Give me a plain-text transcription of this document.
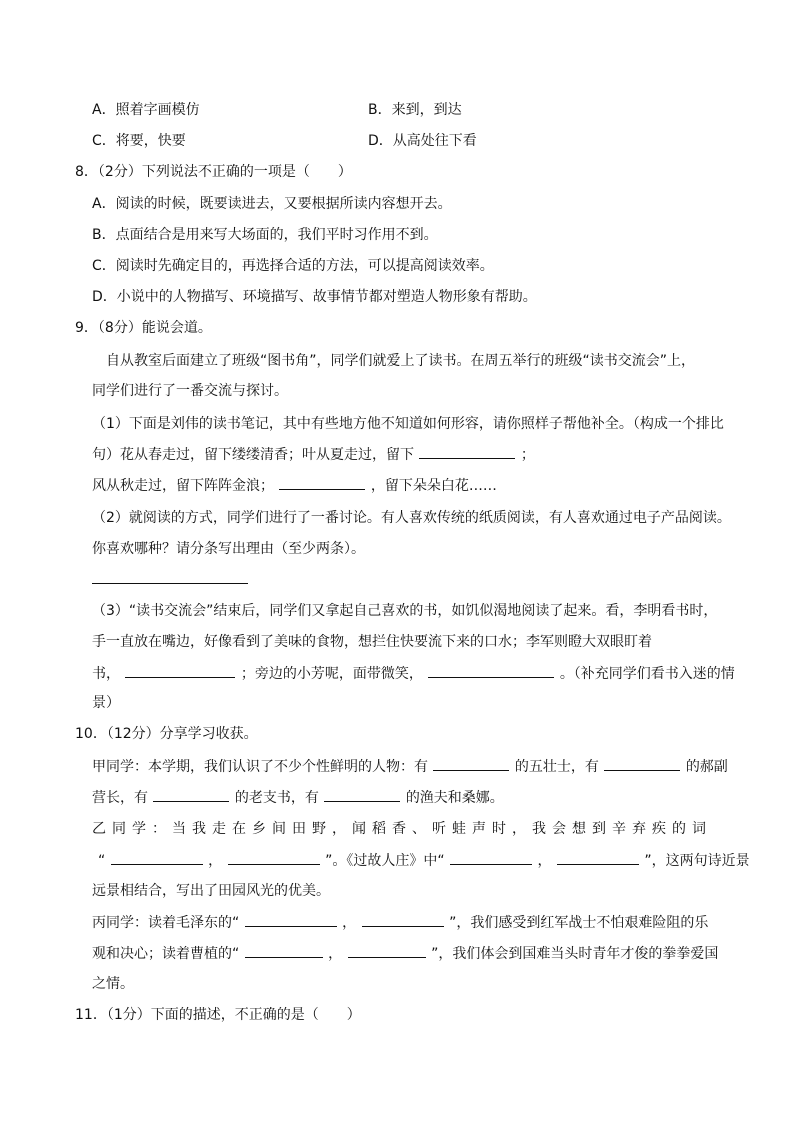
A．照着字画模仿	B．来到，到达
C．将要，快要	D．从高处往下看
8．（2分）下列说法不正确的一项是（　　）
A．阅读的时候，既要读进去，又要根据所读内容想开去。
B．点面结合是用来写大场面的，我们平时习作用不到。
C．阅读时先确定目的，再选择合适的方法，可以提高阅读效率。
D．小说中的人物描写、环境描写、故事情节都对塑造人物形象有帮助。
9．（8分）能说会道。
自从教室后面建立了班级“图书角”，同学们就爱上了读书。在周五举行的班级“读书交流会”上，
同学们进行了一番交流与探讨。
（1）下面是刘伟的读书笔记，其中有些地方他不知道如何形容，请你照样子帮他补全。（构成一个排比
句）花从春走过，留下缕缕清香；叶从夏走过，留下	；
风从秋走过，留下阵阵金浪；	，留下朵朵白花……
（2）就阅读的方式，同学们进行了一番讨论。有人喜欢传统的纸质阅读，有人喜欢通过电子产品阅读。
你喜欢哪种？请分条写出理由（至少两条）。
（3）“读书交流会”结束后，同学们又拿起自己喜欢的书，如饥似渴地阅读了起来。看，李明看书时，
手一直放在嘴边，好像看到了美味的食物，想拦住快要流下来的口水；李军则瞪大双眼盯着
书，	；旁边的小芳呢，面带微笑，	。（补充同学们看书入迷的情
景）
10．（12分）分享学习收获。
甲同学：本学期，我们认识了不少个性鲜明的人物：有	的五壮士，有	的郝副
营长，有	的老支书，有	的渔夫和桑娜。
乙同学：当我走在乡间田野，闻稻香、听蛙声时，我会想到辛弃疾的词
“	，	”。《过故人庄》中“	，	”，这两句诗近景
远景相结合，写出了田园风光的优美。
丙同学：读着毛泽东的“	，	”，我们感受到红军战士不怕艰难险阻的乐
观和决心；读着曹植的“	，	”，我们体会到国难当头时青年才俊的拳拳爱国
之情。
11．（1分）下面的描述，不正确的是（　　）
